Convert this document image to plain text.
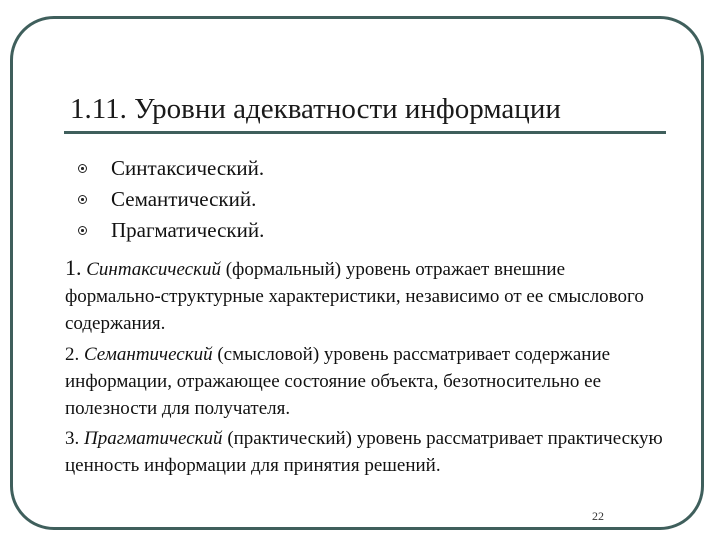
1.11. Уровни адекватности информации
Синтаксический.
Семантический.
Прагматический.
1. Синтаксический (формальный) уровень отражает внешние формально-структурные характеристики, независимо от ее смыслового содержания.
2. Семантический (смысловой) уровень рассматривает содержание информации, отражающее состояние объекта, безотносительно ее полезности для получателя.
3. Прагматический (практический) уровень рассматривает практическую ценность информации для принятия решений.
22
